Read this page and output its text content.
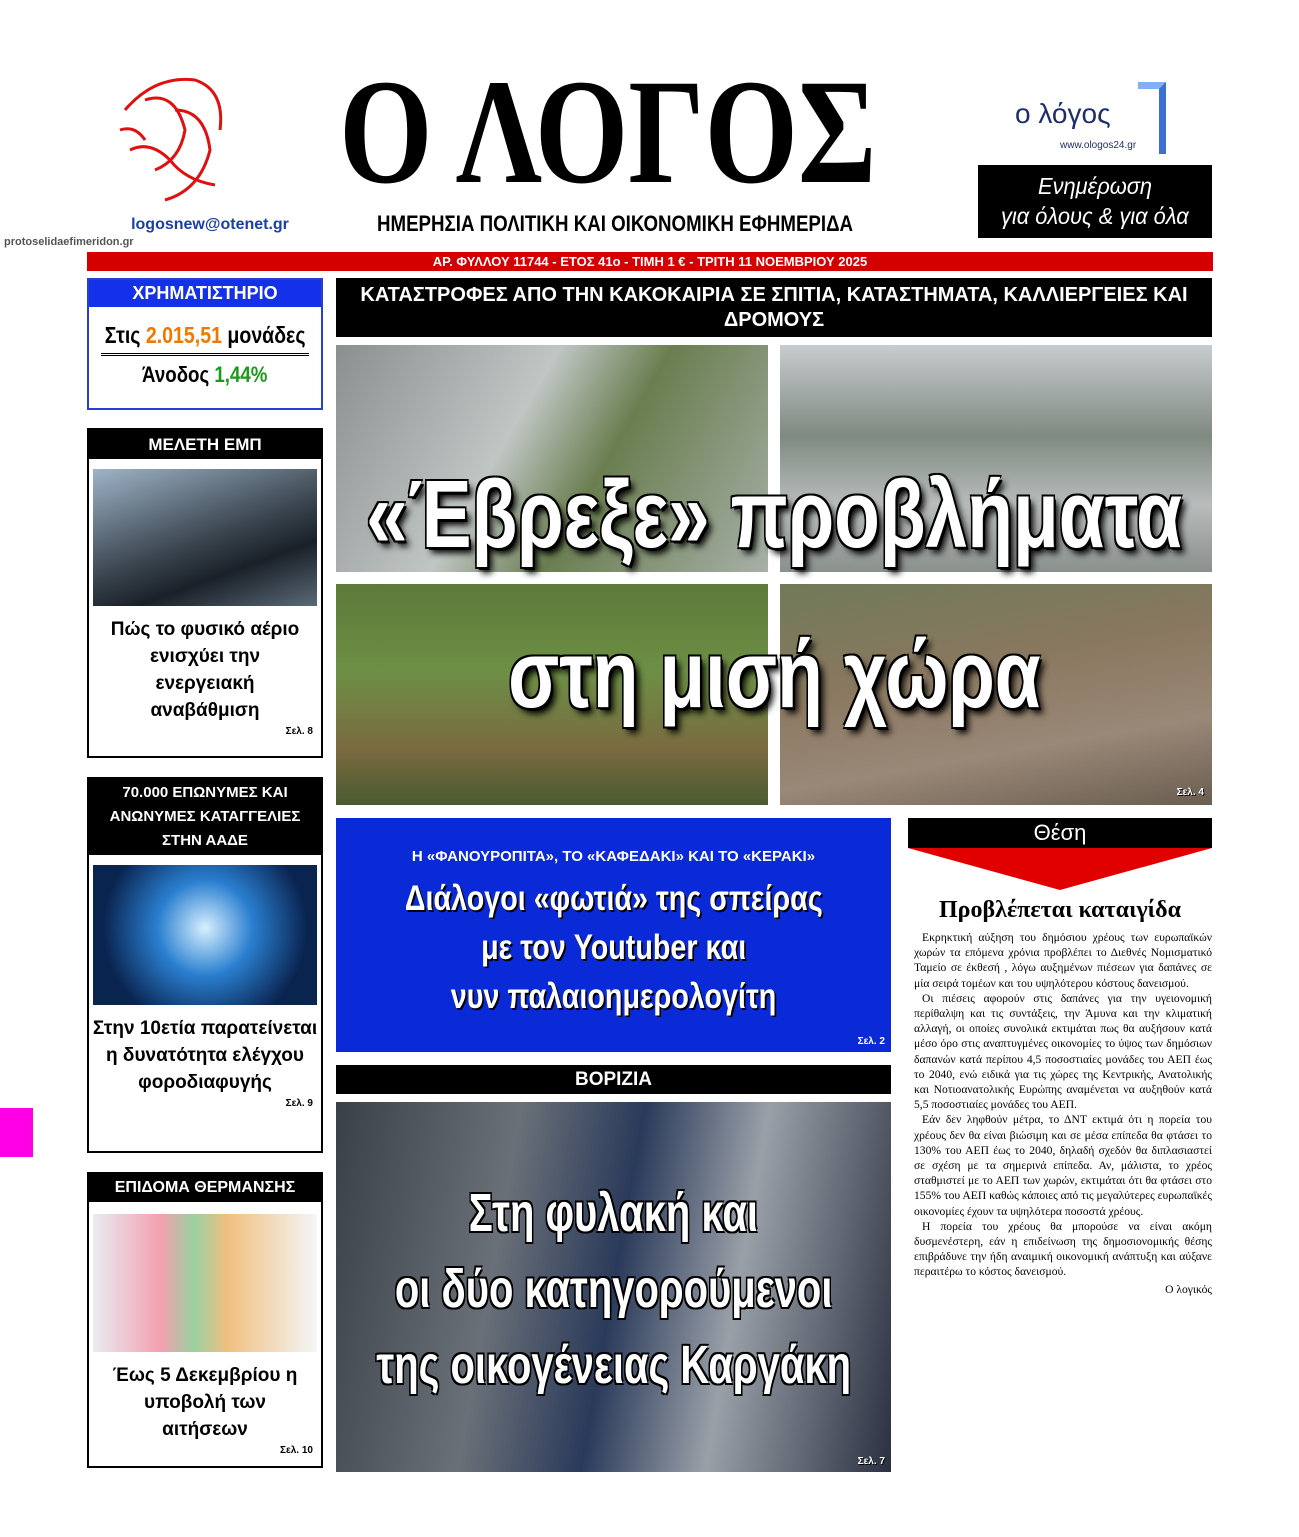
Ο ΛΟΓΟΣ
ΗΜΕΡΗΣΙΑ ΠΟΛΙΤΙΚΗ ΚΑΙ ΟΙΚΟΝΟΜΙΚΗ ΕΦΗΜΕΡΙΔΑ
logosnew@otenet.gr
protoselidaefimeridon.gr
ο λόγος
www.ologos24.gr
Ενημέρωση
για όλους & για όλα
ΑΡ. ΦΥΛΛΟΥ 11744 - ΕΤΟΣ 41ο - ΤΙΜΗ 1 € - ΤΡΙΤΗ 11 ΝΟΕΜΒΡΙΟΥ 2025
ΧΡΗΜΑΤΙΣΤΗΡΙΟ
Στις 2.015,51 μονάδες
Άνοδος 1,44%
ΜΕΛΕΤΗ ΕΜΠ
Πώς το φυσικό αέριο ενισχύει την ενεργειακή αναβάθμιση
Σελ. 8
70.000 ΕΠΩΝΥΜΕΣ ΚΑΙ ΑΝΩΝΥΜΕΣ ΚΑΤΑΓΓΕΛΙΕΣ ΣΤΗΝ ΑΑΔΕ
Στην 10ετία παρατείνεται η δυνατότητα ελέγχου φοροδιαφυγής
Σελ. 9
ΕΠΙΔΟΜΑ ΘΕΡΜΑΝΣΗΣ
Έως 5 Δεκεμβρίου η υποβολή των αιτήσεων
Σελ. 10
ΚΑΤΑΣΤΡΟΦΕΣ ΑΠΟ ΤΗΝ ΚΑΚΟΚΑΙΡΙΑ ΣΕ ΣΠΙΤΙΑ, ΚΑΤΑΣΤΗΜΑΤΑ, ΚΑΛΛΙΕΡΓΕΙΕΣ ΚΑΙ ΔΡΟΜΟΥΣ
Σελ. 4
«Έβρεξε» προβλήματα
στη μισή χώρα
Η «ΦΑΝΟΥΡΟΠΙΤΑ», ΤΟ «ΚΑΦΕΔΑΚΙ» ΚΑΙ ΤΟ «ΚΕΡΑΚΙ»
Διάλογοι «φωτιά» της σπείρας
με τον Youtuber και
νυν παλαιοημερολογίτη
Σελ. 2
Θέση
Προβλέπεται καταιγίδα

Εκρηκτική αύξηση του δημόσιου χρέους των ευρωπαϊκών χωρών τα επόμενα χρόνια προβλέπει το Διεθνές Νομισματικό Ταμείο σε έκθεσή , λόγω αυξημένων πιέσεων για δαπάνες σε μία σειρά τομέων και του υψηλότερου κόστους δανεισμού.

Οι πιέσεις αφορούν στις δαπάνες για την υγειονομική περίθαλψη και τις συντάξεις, την Άμυνα και την κλιματική αλλαγή, οι οποίες συνολικά εκτιμάται πως θα αυξήσουν κατά μέσο όρο στις αναπτυγμένες οικονομίες το ύψος των δημόσιων δαπανών κατά περίπου 4,5 ποσοστιαίες μονάδες του ΑΕΠ έως το 2040, ενώ ειδικά για τις χώρες της Κεντρικής, Ανατολικής και Νοτιοανατολικής Ευρώπης αναμένεται να αυξηθούν κατά 5,5 ποσοστιαίες μονάδες του ΑΕΠ.

Εάν δεν ληφθούν μέτρα, το ΔΝΤ εκτιμά ότι η πορεία του χρέους δεν θα είναι βιώσιμη και σε μέσα επίπεδα θα φτάσει το 130% του ΑΕΠ έως το 2040, δηλαδή σχεδόν θα διπλασιαστεί σε σχέση με τα σημερινά επίπεδα. Αν, μάλιστα, το χρέος σταθμιστεί με το ΑΕΠ των χωρών, εκτιμάται ότι θα φτάσει στο 155% του ΑΕΠ καθώς κάποιες από τις μεγαλύτερες ευρωπαϊκές οικονομίες έχουν τα υψηλότερα ποσοστά χρέους.

Η πορεία του χρέους θα μπορούσε να είναι ακόμη δυσμενέστερη, εάν η επιδείνωση της δημοσιονομικής θέσης επιβράδυνε την ήδη αναιμική οικονομική ανάπτυξη και αύξανε περαιτέρω το κόστος δανεισμού.

Ο λογικός
ΒΟΡΙΖΙΑ
Σελ. 7
Στη φυλακή και
οι δύο κατηγορούμενοι
της οικογένειας Καργάκη
